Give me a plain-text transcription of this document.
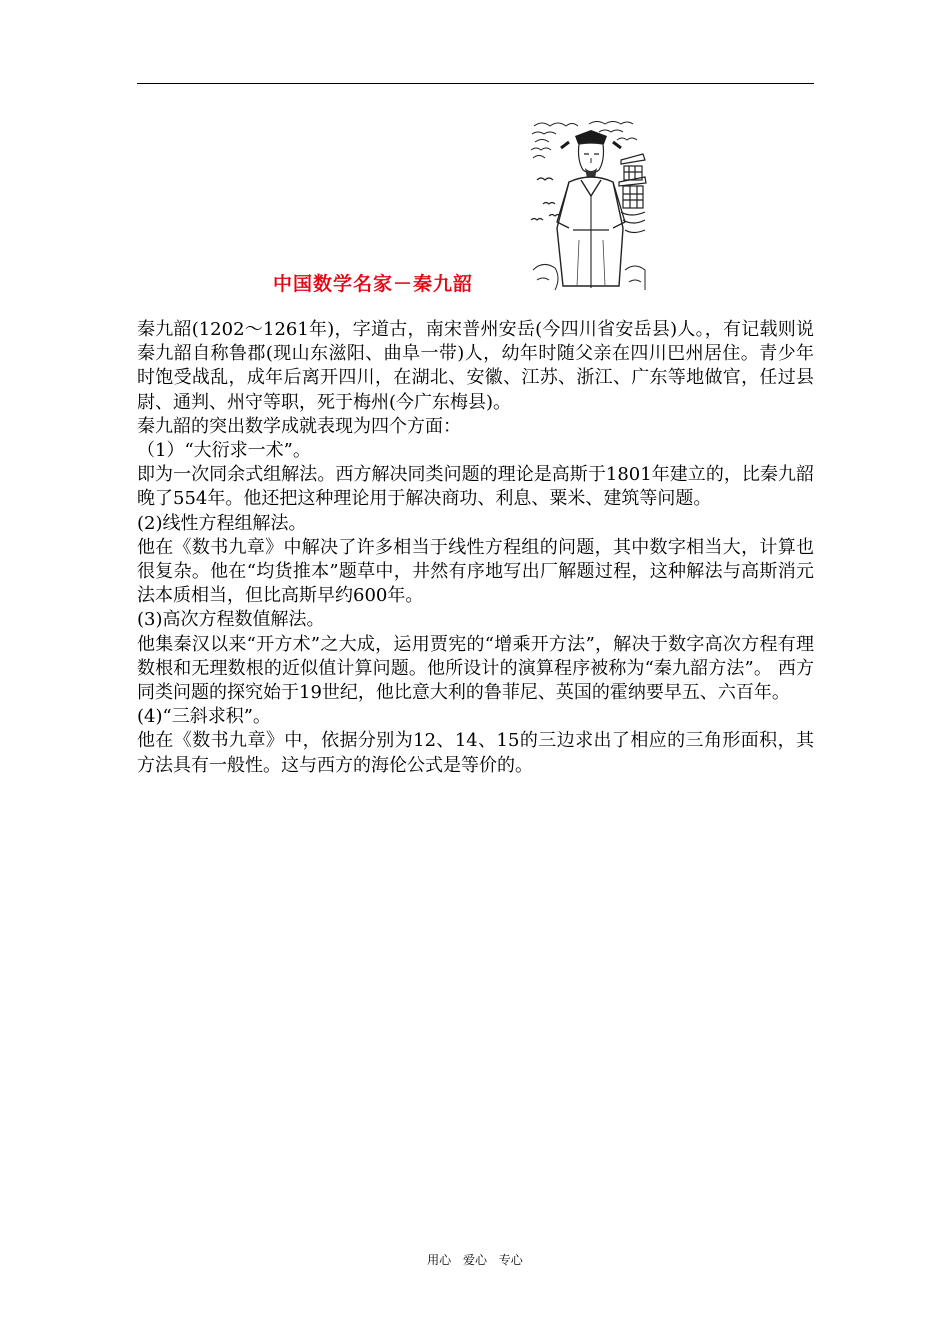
中国数学名家－秦九韶

秦九韶(1202～1261年)，字道古，南宋普州安岳(今四川省安岳县)人。，有记载则说秦九韶自称鲁郡(现山东滋阳、曲阜一带)人，幼年时随父亲在四川巴州居住。青少年时饱受战乱，成年后离开四川，在湖北、安徽、江苏、浙江、广东等地做官，任过县尉、通判、州守等职，死于梅州(今广东梅县)。

秦九韶的突出数学成就表现为四个方面：

（1）“大衍求一术”。

即为一次同余式组解法。西方解决同类问题的理论是高斯于1801年建立的，比秦九韶晚了554年。他还把这种理论用于解决商功、利息、粟米、建筑等问题。

(2)线性方程组解法。

他在《数书九章》中解决了许多相当于线性方程组的问题，其中数字相当大，计算也很复杂。他在“均货推本”题草中，井然有序地写出厂解题过程，这种解法与高斯消元法本质相当，但比高斯早约600年。

(3)高次方程数值解法。

他集秦汉以来“开方术”之大成，运用贾宪的“增乘开方法”，解决于数字高次方程有理数根和无理数根的近似值计算问题。他所设计的演算程序被称为“秦九韶方法”。 西方同类问题的探究始于19世纪，他比意大利的鲁菲尼、英国的霍纳要早五、六百年。

(4)“三斜求积”。

他在《数书九章》中，依据分别为12、14、15的三边求出了相应的三角形面积，其方法具有一般性。这与西方的海伦公式是等价的。

用心 爱心 专心
